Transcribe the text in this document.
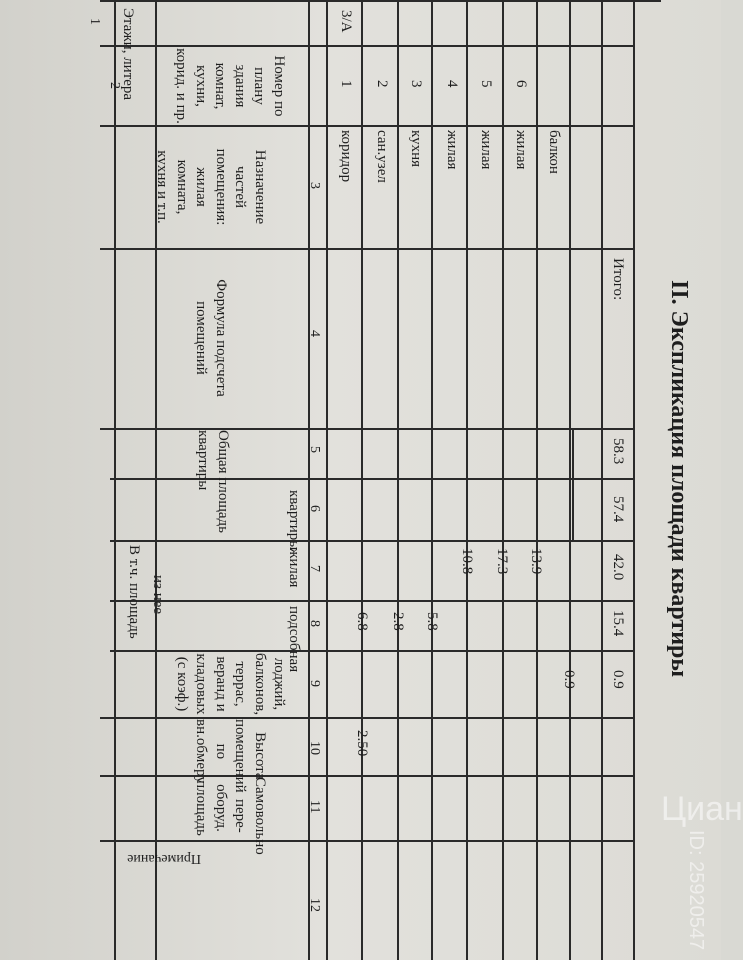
II. Экспликация площади квартиры
Этажи, литера	Номер по плану
здания комнат,
кухни, корид. и пр.
Назначение
частей
помещения:
жилая
комната,
кухня и т.п.
Формула подсчета
помещений
Общая площадь
квартиры
В т.ч. площадь из нее
квартиры
жилая
подсобная
лоджий, балконов,
террас, веранд и
кладовых (с коэф.)
Высота помещений
по вн.обмеру
Самовольно пере-
оборуд. площадь
Примечание
1
2
3
4
5
6
7
8
9
10
11
12
3/А
1
коридор
6.8
2.50
2
сан.узел
2.8
3
кухня
5.8
4
жилая
10.8
5
жилая
17.3
6
жилая
13.9
балкон
0.9
Итого:
58.3
57.4
42.0
15.4
0.9
Циан
ID: 25920547
